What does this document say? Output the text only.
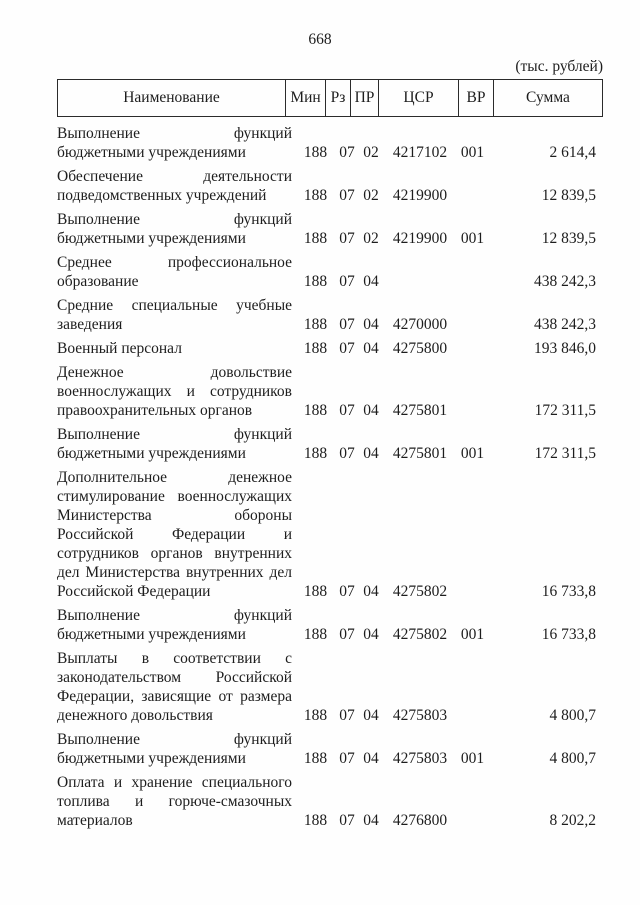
668
(тыс. рублей)
Наименование	Мин Рз ПР	ЦСР	ВР	Сумма
Выполнение функций бюджетными учреждениями	188 07 02 4217102 001	2 614,4
Обеспечение деятельности подведомственных учреждений	188 07 02 4219900	12 839,5
Выполнение функций бюджетными учреждениями	188 07 02 4219900 001	12 839,5
Среднее профессиональное образование	188 07 04	438 242,3
Средние специальные учебные заведения	188 07 04 4270000	438 242,3
Военный персонал	188 07 04 4275800	193 846,0
Денежное довольствие военнослужащих и сотрудников правоохранительных органов	188 07 04 4275801	172 311,5
Выполнение функций бюджетными учреждениями	188 07 04 4275801 001	172 311,5
Дополнительное денежное стимулирование военнослужащих Министерства обороны Российской Федерации и сотрудников органов внутренних дел Министерства внутренних дел Российской Федерации	188 07 04 4275802	16 733,8
Выполнение функций бюджетными учреждениями	188 07 04 4275802 001	16 733,8
Выплаты в соответствии с законодательством Российской Федерации, зависящие от размера денежного довольствия	188 07 04 4275803	4 800,7
Выполнение функций бюджетными учреждениями	188 07 04 4275803 001	4 800,7
Оплата и хранение специального топлива и горюче-смазочных материалов	188 07 04 4276800	8 202,2
